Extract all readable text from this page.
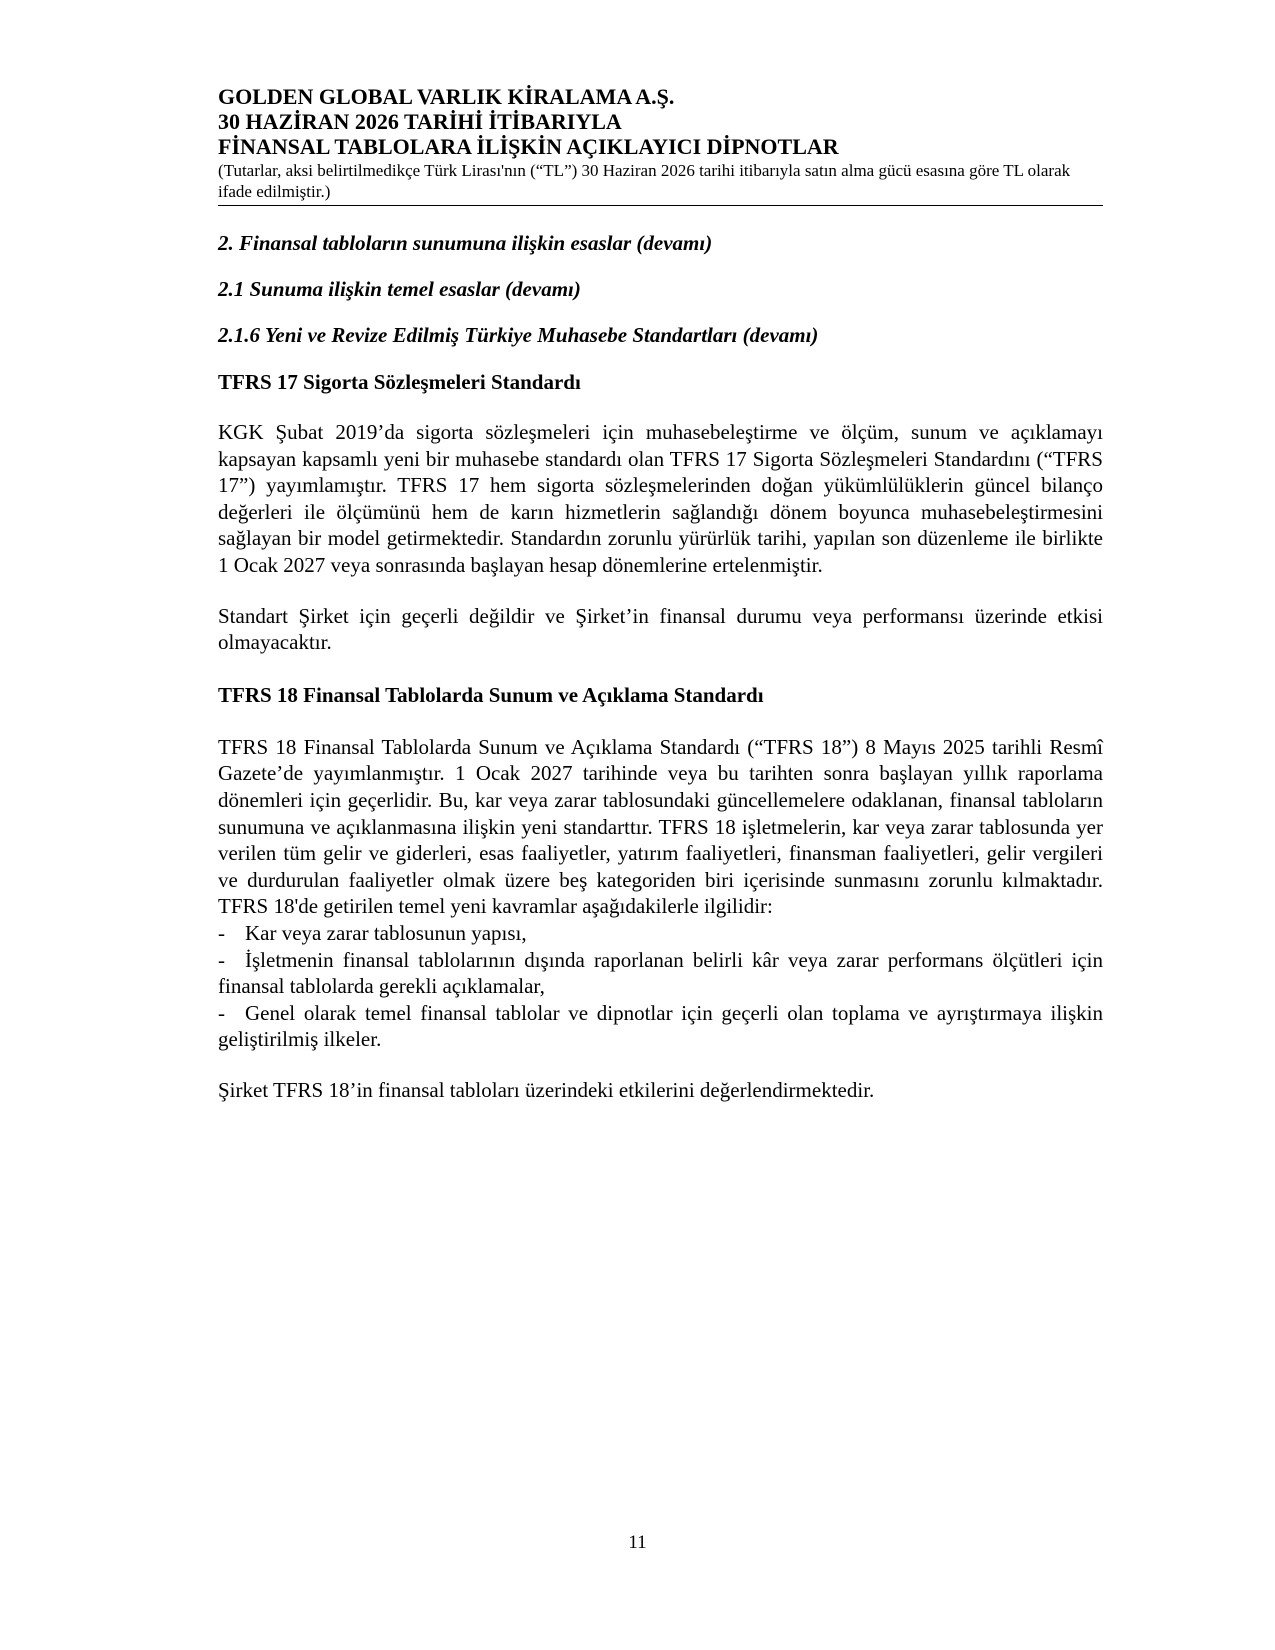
GOLDEN GLOBAL VARLIK KİRALAMA A.Ş.

30 HAZİRAN 2026 TARİHİ İTİBARIYLA

FİNANSAL TABLOLARA İLİŞKİN AÇIKLAYICI DİPNOTLAR

(Tutarlar, aksi belirtilmedikçe Türk Lirası'nın (“TL”) 30 Haziran 2026 tarihi itibarıyla satın alma gücü esasına göre TL olarak ifade edilmiştir.)

2. Finansal tabloların sunumuna ilişkin esaslar (devamı)

2.1 Sunuma ilişkin temel esaslar (devamı)

2.1.6 Yeni ve Revize Edilmiş Türkiye Muhasebe Standartları (devamı)

TFRS 17 Sigorta Sözleşmeleri Standardı

KGK Şubat 2019’da sigorta sözleşmeleri için muhasebeleştirme ve ölçüm, sunum ve açıklamayı kapsayan kapsamlı yeni bir muhasebe standardı olan TFRS 17 Sigorta Sözleşmeleri Standardını (“TFRS 17”) yayımlamıştır. TFRS 17 hem sigorta sözleşmelerinden doğan yükümlülüklerin güncel bilanço değerleri ile ölçümünü hem de karın hizmetlerin sağlandığı dönem boyunca muhasebeleştirmesini sağlayan bir model getirmektedir. Standardın zorunlu yürürlük tarihi, yapılan son düzenleme ile birlikte 1 Ocak 2027 veya sonrasında başlayan hesap dönemlerine ertelenmiştir.

Standart Şirket için geçerli değildir ve Şirket’in finansal durumu veya performansı üzerinde etkisi olmayacaktır.

TFRS 18 Finansal Tablolarda Sunum ve Açıklama Standardı

TFRS 18 Finansal Tablolarda Sunum ve Açıklama Standardı (“TFRS 18”) 8 Mayıs 2025 tarihli Resmî Gazete’de yayımlanmıştır. 1 Ocak 2027 tarihinde veya bu tarihten sonra başlayan yıllık raporlama dönemleri için geçerlidir. Bu, kar veya zarar tablosundaki güncellemelere odaklanan, finansal tabloların sunumuna ve açıklanmasına ilişkin yeni standarttır. TFRS 18 işletmelerin, kar veya zarar tablosunda yer verilen tüm gelir ve giderleri, esas faaliyetler, yatırım faaliyetleri, finansman faaliyetleri, gelir vergileri ve durdurulan faaliyetler olmak üzere beş kategoriden biri içerisinde sunmasını zorunlu kılmaktadır. TFRS 18'de getirilen temel yeni kavramlar aşağıdakilerle ilgilidir:

- Kar veya zarar tablosunun yapısı,
- İşletmenin finansal tablolarının dışında raporlanan belirli kâr veya zarar performans ölçütleri için finansal tablolarda gerekli açıklamalar,
- Genel olarak temel finansal tablolar ve dipnotlar için geçerli olan toplama ve ayrıştırmaya ilişkin geliştirilmiş ilkeler.

Şirket TFRS 18’in finansal tabloları üzerindeki etkilerini değerlendirmektedir.

11
